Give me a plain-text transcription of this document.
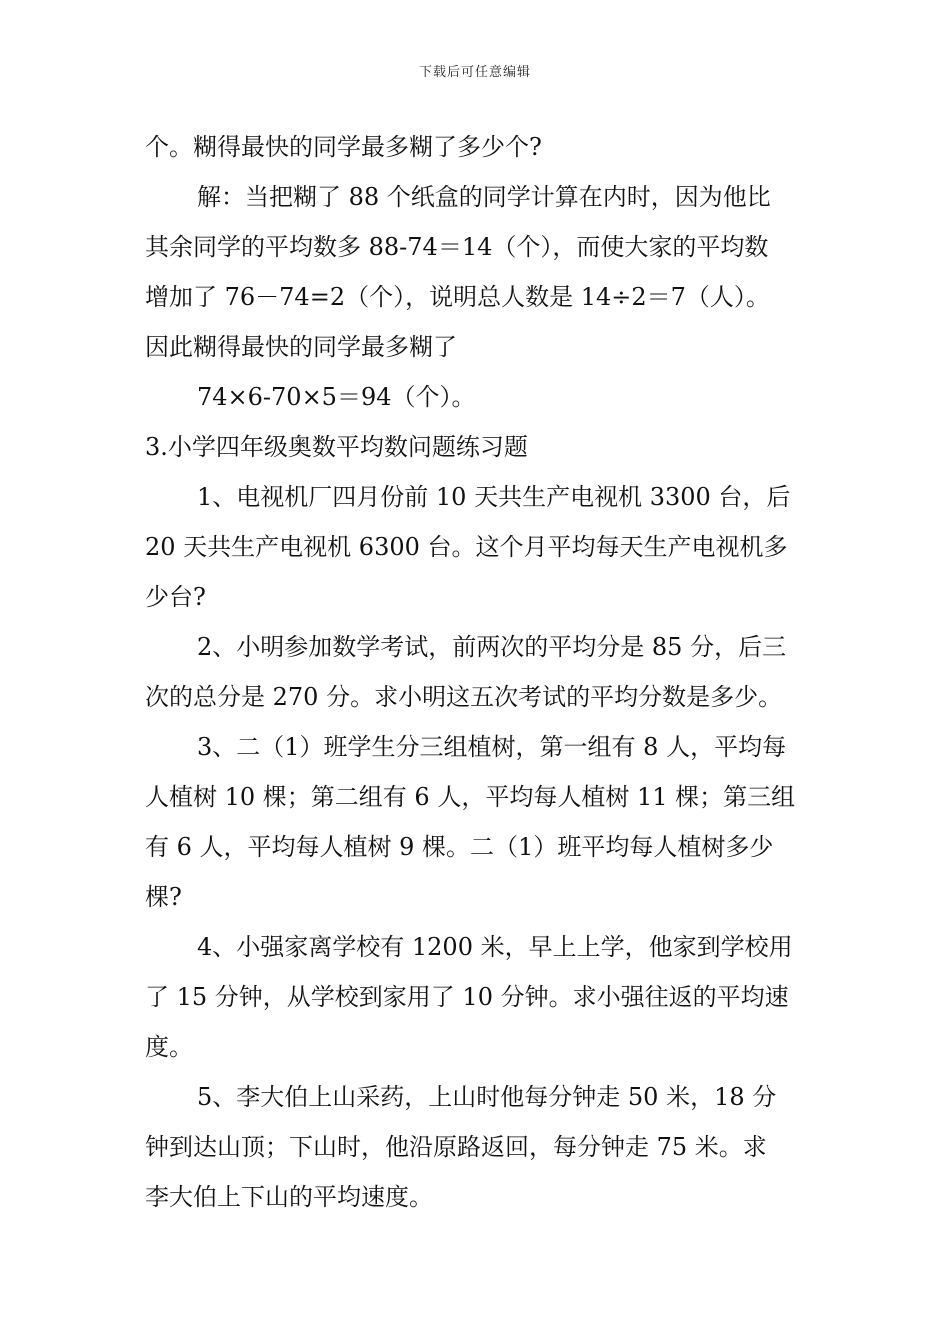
下载后可任意编辑
个。糊得最快的同学最多糊了多少个?
解：当把糊了 88 个纸盒的同学计算在内时，因为他比
其余同学的平均数多 88-74＝14（个），而使大家的平均数
增加了 76－74=2（个），说明总人数是 14÷2＝7（人）。
因此糊得最快的同学最多糊了
74×6-70×5＝94（个）。
3.小学四年级奥数平均数问题练习题
1、电视机厂四月份前 10 天共生产电视机 3300 台，后
20 天共生产电视机 6300 台。这个月平均每天生产电视机多
少台?
2、小明参加数学考试，前两次的平均分是 85 分，后三
次的总分是 270 分。求小明这五次考试的平均分数是多少。
3、二（1）班学生分三组植树，第一组有 8 人，平均每
人植树 10 棵；第二组有 6 人，平均每人植树 11 棵；第三组
有 6 人，平均每人植树 9 棵。二（1）班平均每人植树多少
棵?
4、小强家离学校有 1200 米，早上上学，他家到学校用
了 15 分钟，从学校到家用了 10 分钟。求小强往返的平均速
度。
5、李大伯上山采药，上山时他每分钟走 50 米，18 分
钟到达山顶；下山时，他沿原路返回，每分钟走 75 米。求
李大伯上下山的平均速度。
